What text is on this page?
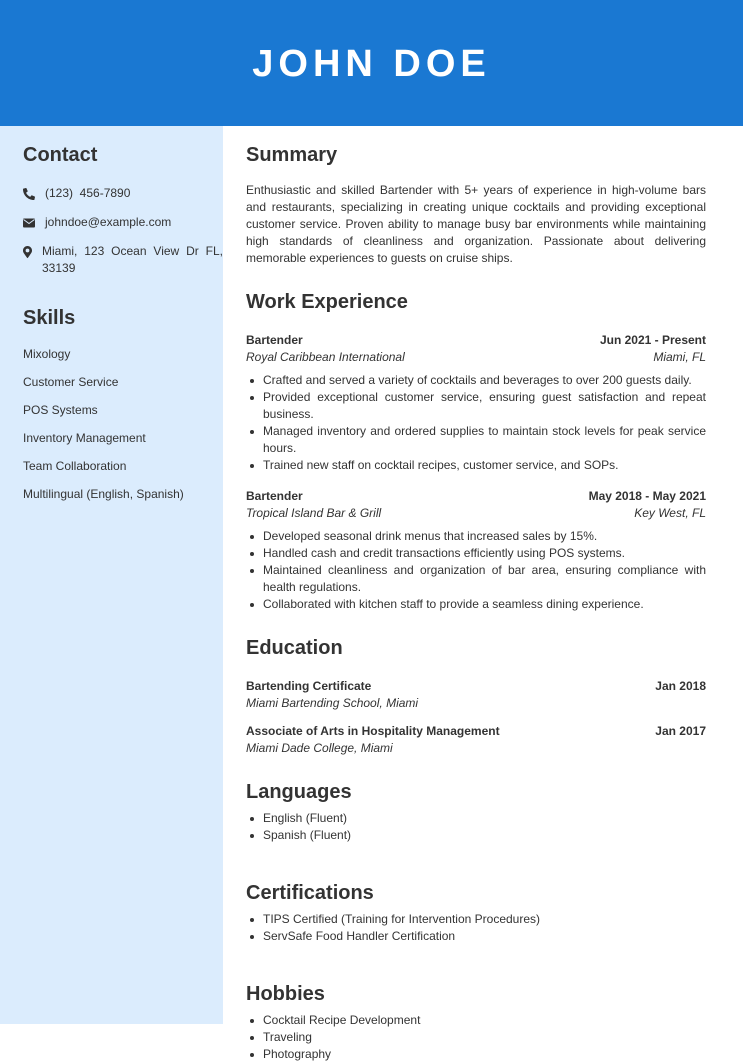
JOHN DOE
Contact
(123)  456-7890
johndoe@example.com
Miami, 123 Ocean View Dr FL, 33139
Skills
Mixology
Customer Service
POS Systems
Inventory Management
Team Collaboration
Multilingual (English, Spanish)
Summary

Enthusiastic and skilled Bartender with 5+ years of experience in high-volume bars and restaurants, specializing in creating unique cocktails and providing exceptional customer service. Proven ability to manage busy bar environments while maintaining high standards of cleanliness and organization. Passionate about delivering memorable experiences to guests on cruise ships.

Work Experience
Bartender	Jun 2021 - Present
Royal Caribbean International	Miami, FL
Crafted and served a variety of cocktails and beverages to over 200 guests daily.
Provided exceptional customer service, ensuring guest satisfaction and repeat business.
Managed inventory and ordered supplies to maintain stock levels for peak service hours.
Trained new staff on cocktail recipes, customer service, and SOPs.
Bartender	May 2018 - May 2021
Tropical Island Bar & Grill	Key West, FL
Developed seasonal drink menus that increased sales by 15%.
Handled cash and credit transactions efficiently using POS systems.
Maintained cleanliness and organization of bar area, ensuring compliance with health regulations.
Collaborated with kitchen staff to provide a seamless dining experience.
Education
Bartending Certificate	Jan 2018
Miami Bartending School, Miami
Associate of Arts in Hospitality Management	Jan 2017
Miami Dade College, Miami
Languages
English (Fluent)
Spanish (Fluent)
Certifications
TIPS Certified (Training for Intervention Procedures)
ServSafe Food Handler Certification
Hobbies
Cocktail Recipe Development
Traveling
Photography
